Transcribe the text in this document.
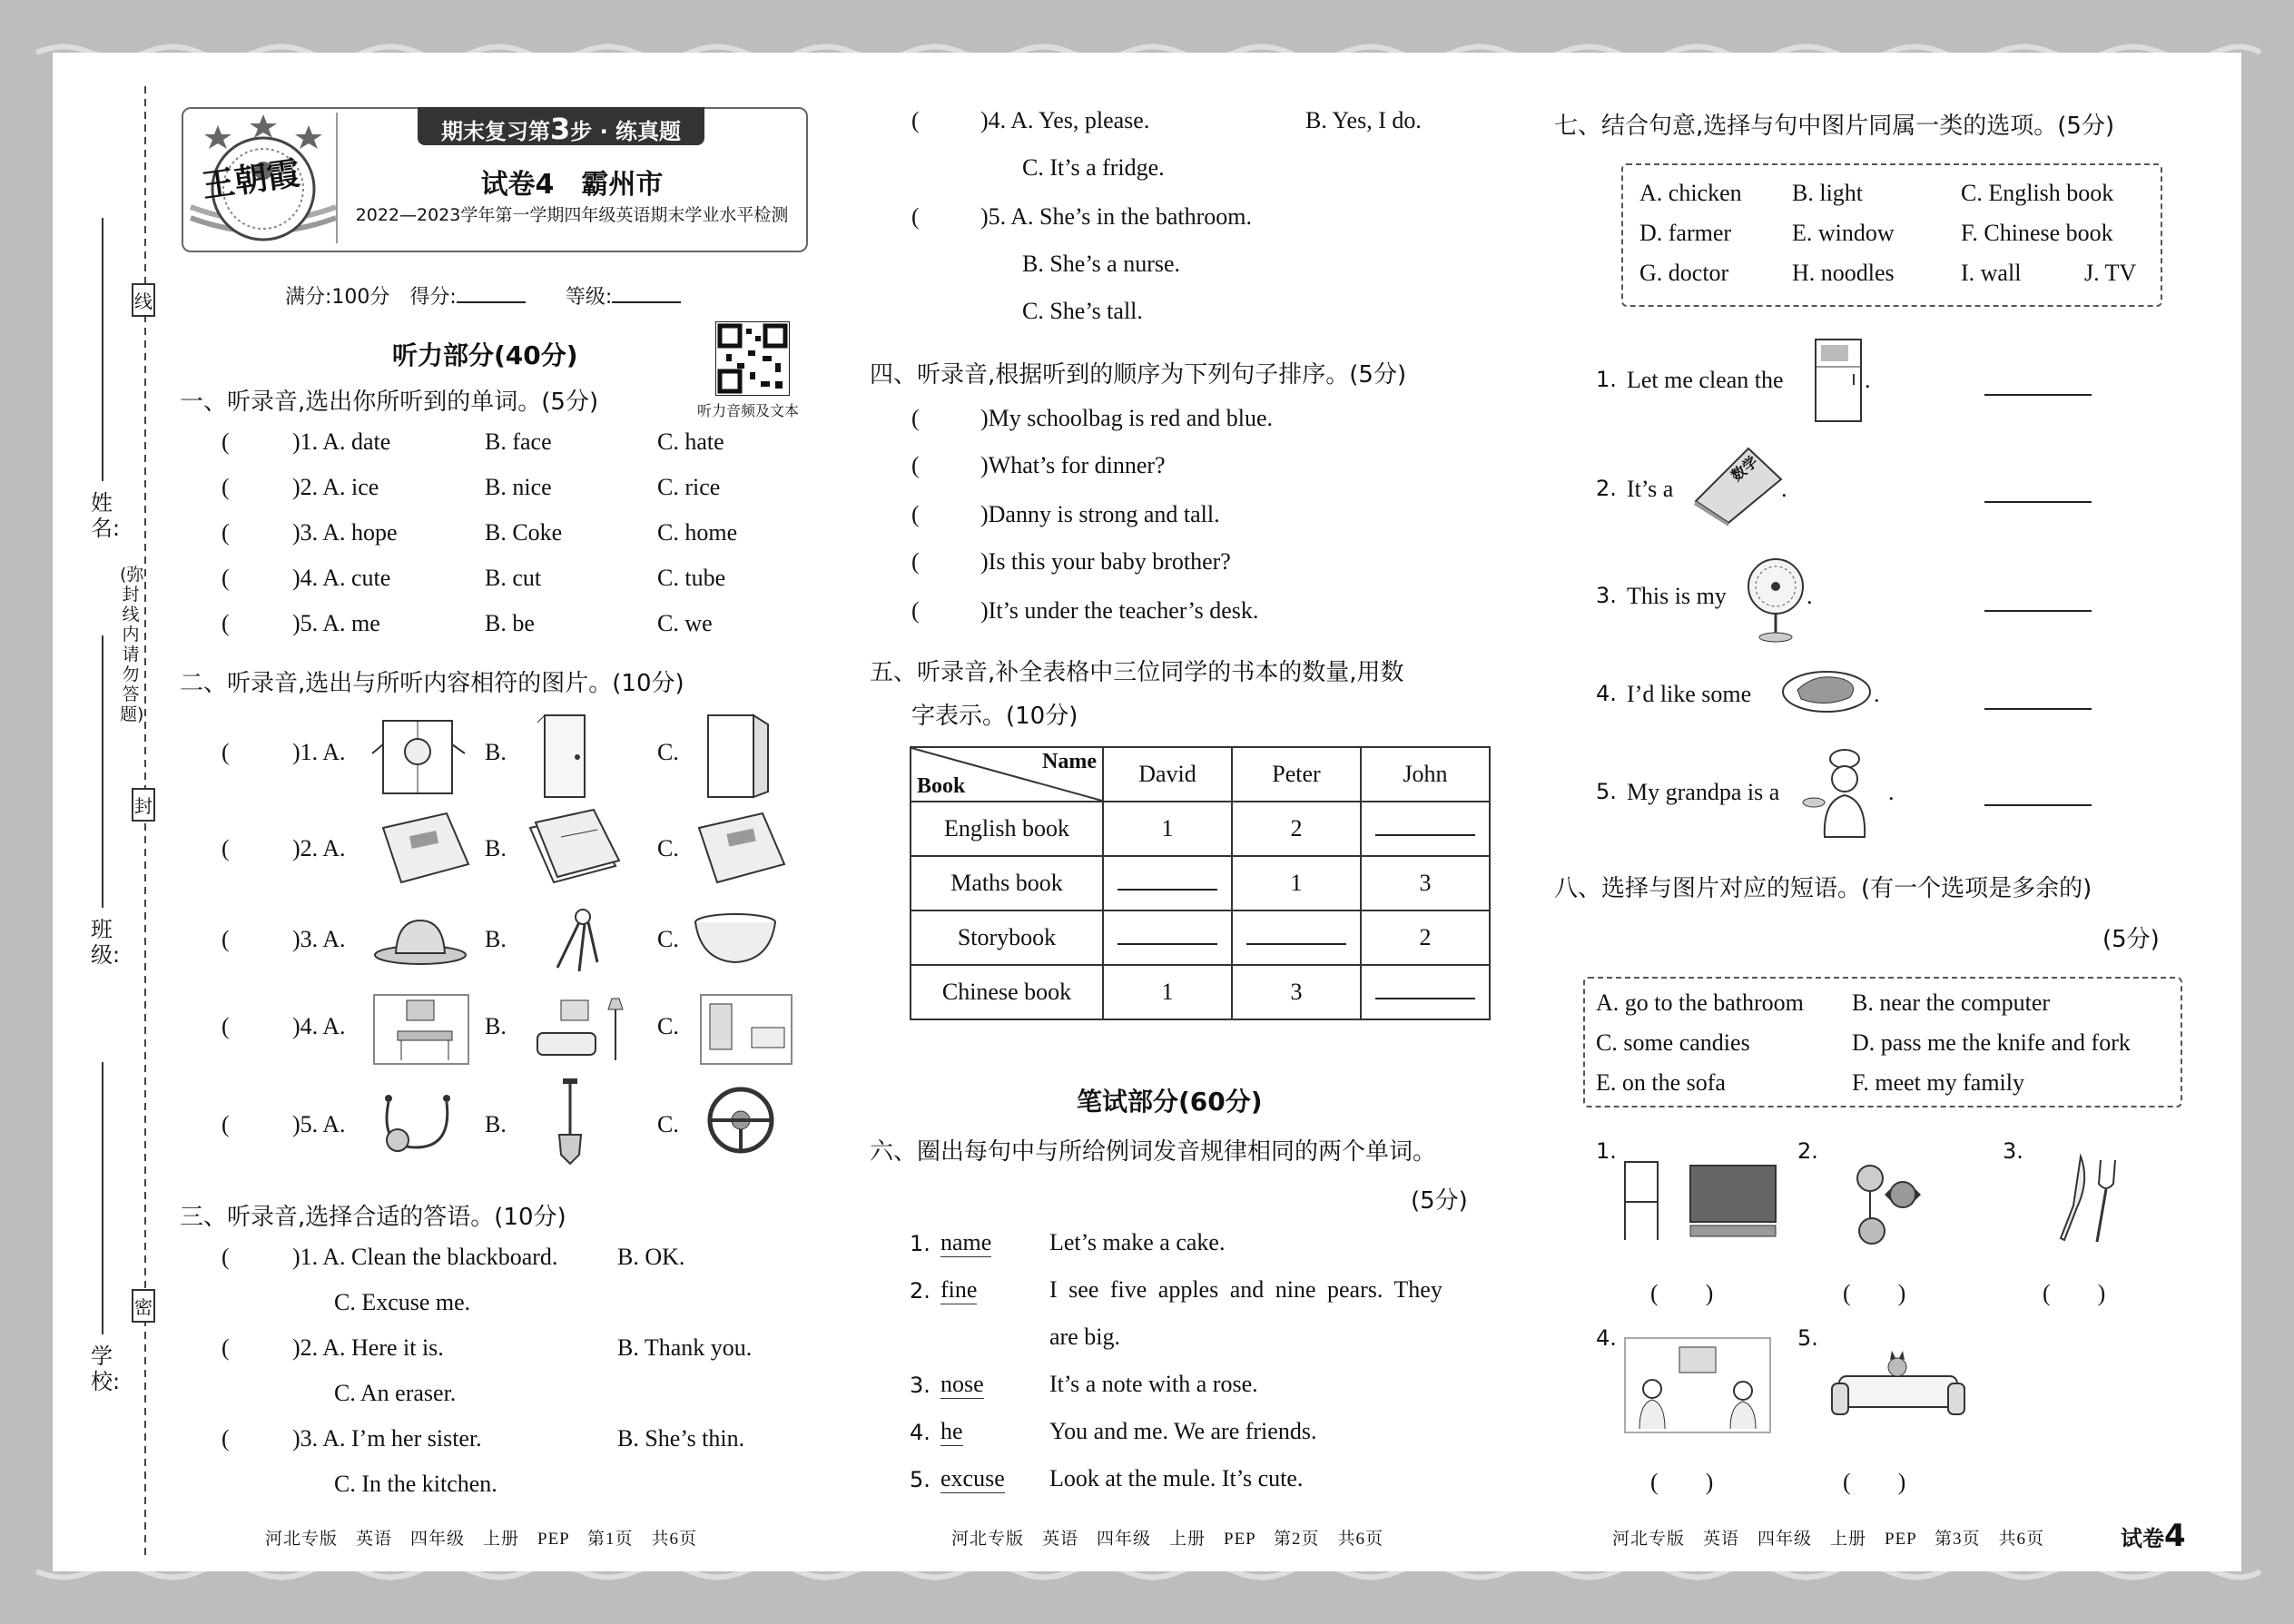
线
封
密
(弥封线内请勿答题)
姓名:
班级:
学校:
期末复习第3步 · 练真题
王朝霞	试卷4　霸州市
2022—2023学年第一学期四年级英语期末学业水平检测
满分:100分　得分:　　	等级:
听力音频及文本
听力部分(40分)
一、听录音,选出你所听到的单词。(5分)
(	)1. A. date	B. face	C. hate
(	)2. A. ice	B. nice	C. rice
(	)3. A. hope	B. Coke	C. home
(	)4. A. cute	B. cut	C. tube
(	)5. A. me	B. be	C. we
二、听录音,选出与所听内容相符的图片。(10分)
(	)1. A.	B.	C.
(	)2. A.	B.	C.
(	)3. A.	B.	C.
(	)4. A.	B.	C.
(	)5. A.	B.	C.
三、听录音,选择合适的答语。(10分)
(	)1. A. Clean the blackboard.	B. OK.
C. Excuse me.
(	)2. A. Here it is.	B. Thank you.
C. An eraser.
(	)3. A. I’m her sister.	B. She’s thin.
C. In the kitchen.
(	)4. A. Yes, please.	B. Yes, I do.
C. It’s a fridge.
(	)5. A. She’s in the bathroom.
B. She’s a nurse.
C. She’s tall.
四、听录音,根据听到的顺序为下列句子排序。(5分)
(	)My schoolbag is red and blue.
(	)What’s for dinner?
(	)Danny is strong and tall.
(	)Is this your baby brother?
(	)It’s under the teacher’s desk.
五、听录音,补全表格中三位同学的书本的数量,用数
字表示。(10分)
Name
Book	David	Peter	John
English book	1	2	
Maths book		1	3
Storybook			2
Chinese book	1	3	
笔试部分(60分)
六、圈出每句中与所给例词发音规律相同的两个单词。
(5分)
1. name Let’s make a cake.
2. fine	I see five apples and nine pears. They
are big.
3. nose	It’s a note with a rose.
4. he	You and me. We are friends.
5. excuse Look at the mule. It’s cute.
七、结合句意,选择与句中图片同属一类的选项。(5分)
A. chicken B. light	C. English book
D. farmer	E. window	F. Chinese book
G. doctor	H. noodles	I. wall	J. TV
1. Let me clean the	.
2. It’s a
数学
.
3. This is my	.
4. I’d like some	.
5. My grandpa is a	.
八、选择与图片对应的短语。(有一个选项是多余的)
(5分)
A. go to the bathroom B. near the computer
C. some candies	D. pass me the knife and fork
E. on the sofa	F. meet my family
1.
(　　)
2.
(　　)
3.
(　　)
4.
(　　)
5.
(　　)
河北专版　英语　四年级　上册　PEP　第1页　共6页	河北专版　英语　四年级　上册　PEP　第2页　共6页	河北专版　英语　四年级　上册　PEP　第3页　共6页	试卷4
